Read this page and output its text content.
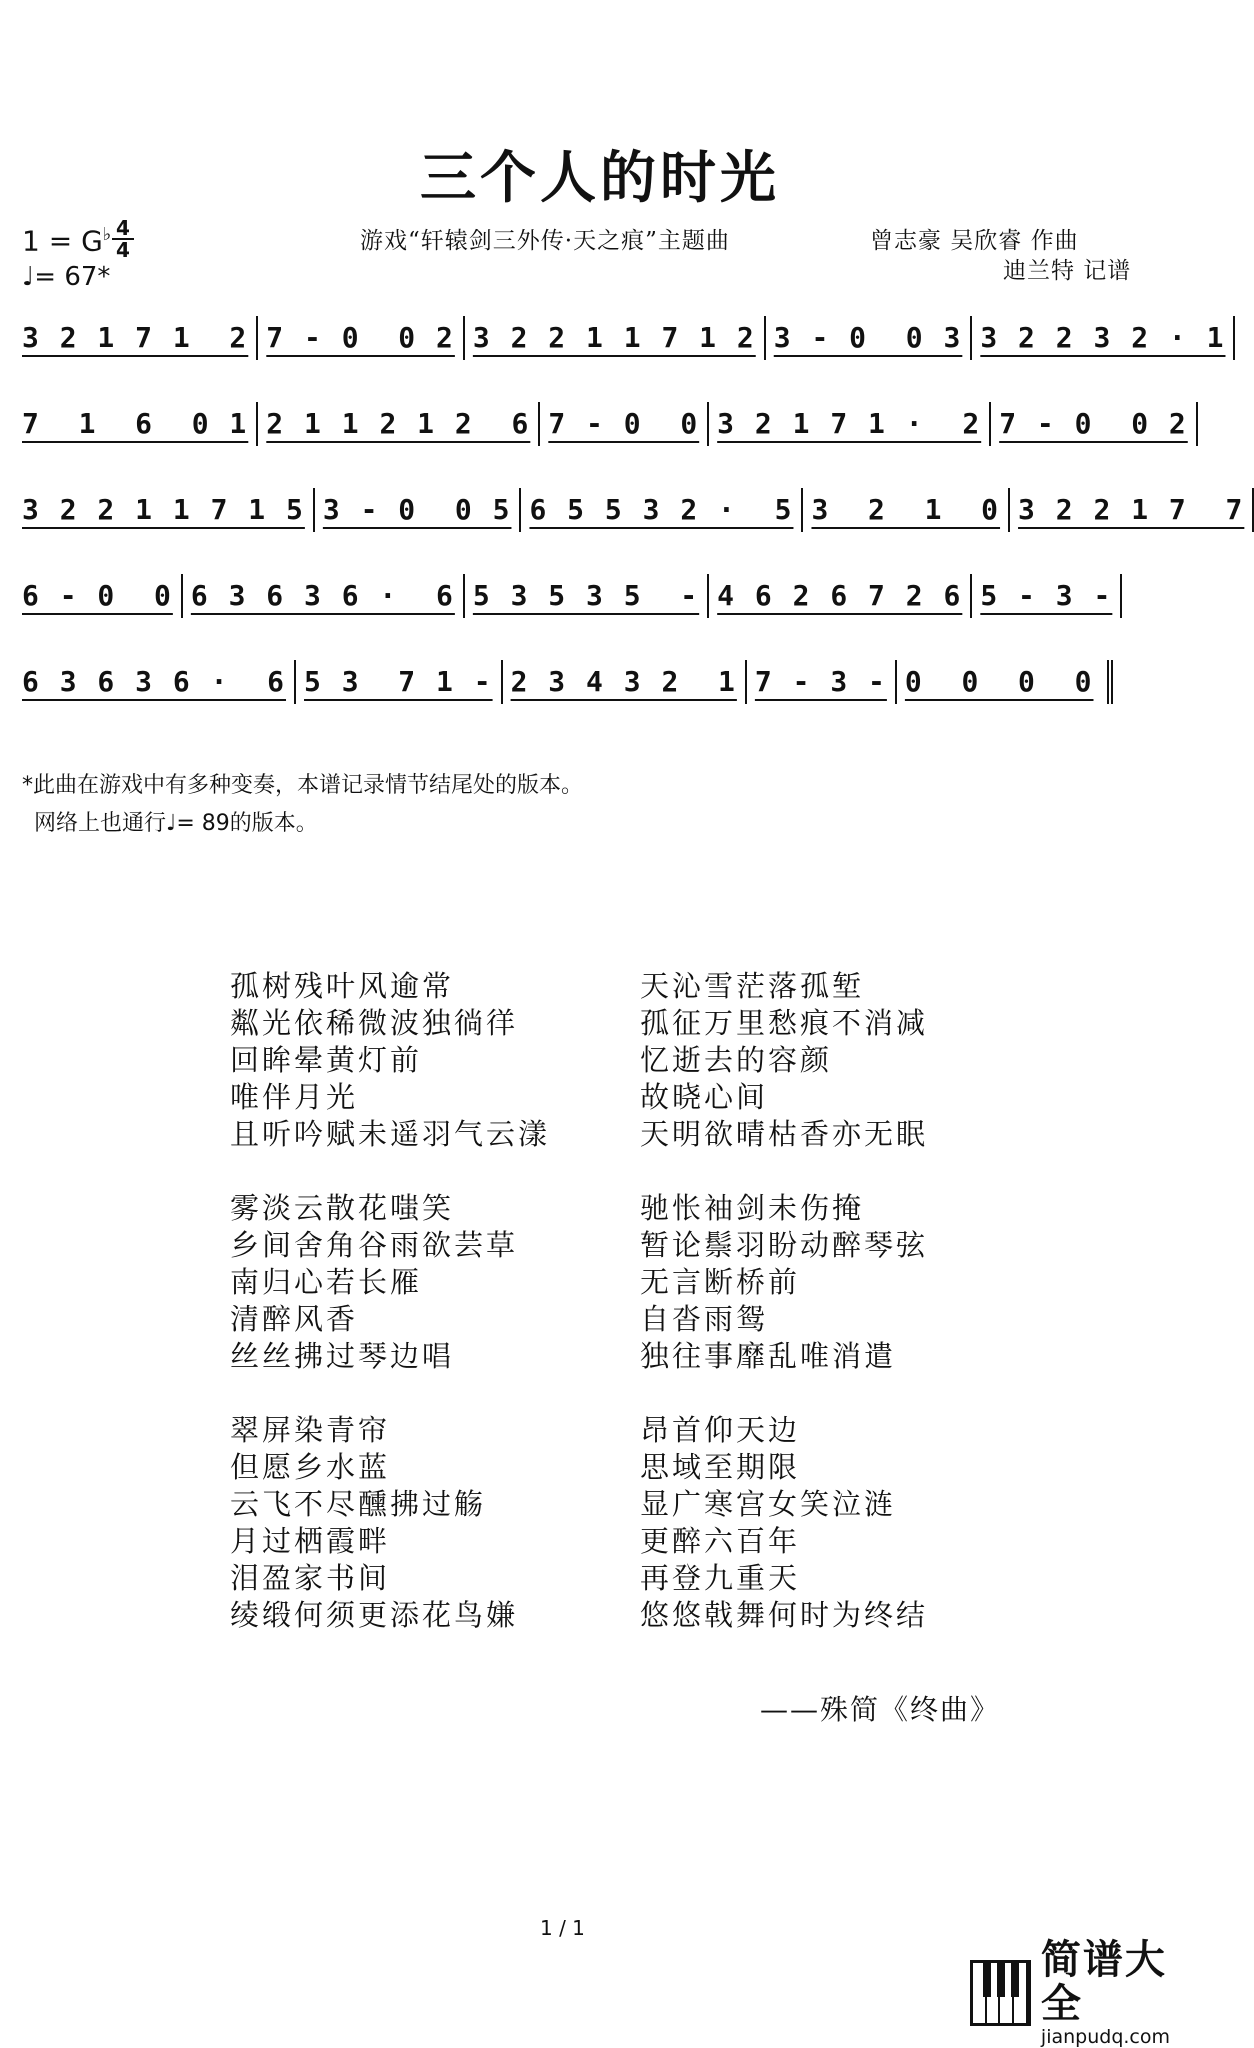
三个人的时光
$1 = G^♭ \frac{4}{4}$
♩= 67*
游戏“轩辕剑三外传·天之痕”主题曲	曾志豪 吴欣睿 作曲
迪兰特 记谱
3 2 1 7 1  2 7 - 0  0 2 3 2 2 1 1 7 1 2 3 - 0  0 3 3 2 2 3 2 · 1
7  1  6  0 1 2 1 1 2 1 2  6 7 - 0  0 3 2 1 7 1 ·  2 7 - 0  0 2
3 2 2 1 1 7 1 5 3 - 0  0 5 6 5 5 3 2 ·  5 3  2  1  0 3 2 2 1 7  7
6 - 0  0 6 3 6 3 6 ·  6 5 3 5 3 5  - 4 6 2 6 7 2 6 5 - 3 -
6 3 6 3 6 ·  6 5 3  7 1 - 2 3 4 3 2  1 7 - 3 - 0  0  0  0
*此曲在游戏中有多种变奏，本谱记录情节结尾处的版本。
网络上也通行♩= 89的版本。
孤树残叶风逾常
粼光依稀微波独徜徉
回眸晕黄灯前
唯伴月光
且听吟赋未遥羽气云漾
雾淡云散花嗤笑
乡间舍角谷雨欲芸草
南归心若长雁
清醉风香
丝丝拂过琴边唱
翠屏染青帘
但愿乡水蓝
云飞不尽醺拂过觞
月过栖霞畔
泪盈家书间
绫缎何须更添花鸟嫌
天沁雪茫落孤堑
孤征万里愁痕不消减
忆逝去的容颜
故晓心间
天明欲晴枯香亦无眠
驰怅袖剑未伤掩
暂论鬃羽盼动醉琴弦
无言断桥前
自沓雨鸳
独往事靡乱唯消遣
昂首仰天边
思域至期限
显广寒宫女笑泣涟
更醉六百年
再登九重天
悠悠戟舞何时为终结
——殊简《终曲》
1 / 1
简谱大全
jianpudq.com
